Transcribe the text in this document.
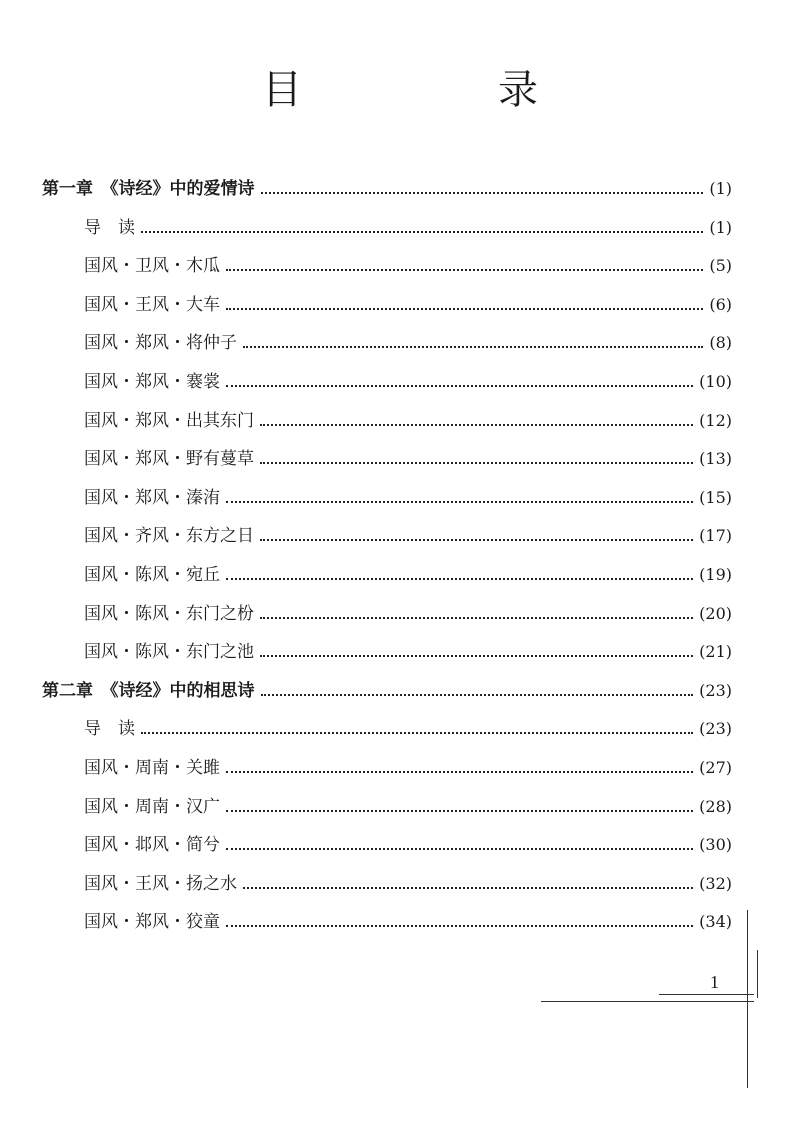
目　录
第一章　《诗经》中的爱情诗	(1)
导　读	(1)
国风・卫风・木瓜	(5)
国风・王风・大车	(6)
国风・郑风・将仲子	(8)
国风・郑风・褰裳	(10)
国风・郑风・出其东门	(12)
国风・郑风・野有蔓草	(13)
国风・郑风・溱洧	(15)
国风・齐风・东方之日	(17)
国风・陈风・宛丘	(19)
国风・陈风・东门之枌	(20)
国风・陈风・东门之池	(21)
第二章　《诗经》中的相思诗	(23)
导　读	(23)
国风・周南・关雎	(27)
国风・周南・汉广	(28)
国风・邶风・简兮	(30)
国风・王风・扬之水	(32)
国风・郑风・狡童	(34)
1
